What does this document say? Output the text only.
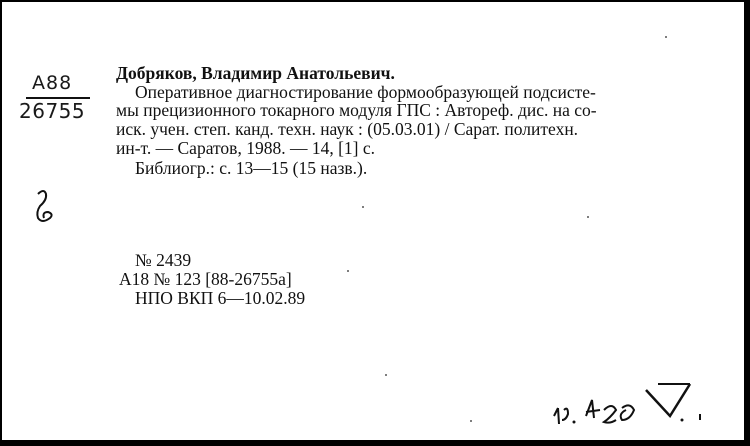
А88
26755
Добряков, Владимир Анатольевич.
Оперативное диагностирование формообразующей подсисте-
мы прецизионного токарного модуля ГПС : Автореф. дис. на со-
иск. учен. степ. канд. техн. наук : (05.03.01) / Сарат. политехн.
ин-т. — Саратов, 1988. — 14, [1] с.
Библиогр.: с. 13—15 (15 назв.).
№ 2439
А18 № 123 [88-26755а]
НПО ВКП 6—10.02.89
